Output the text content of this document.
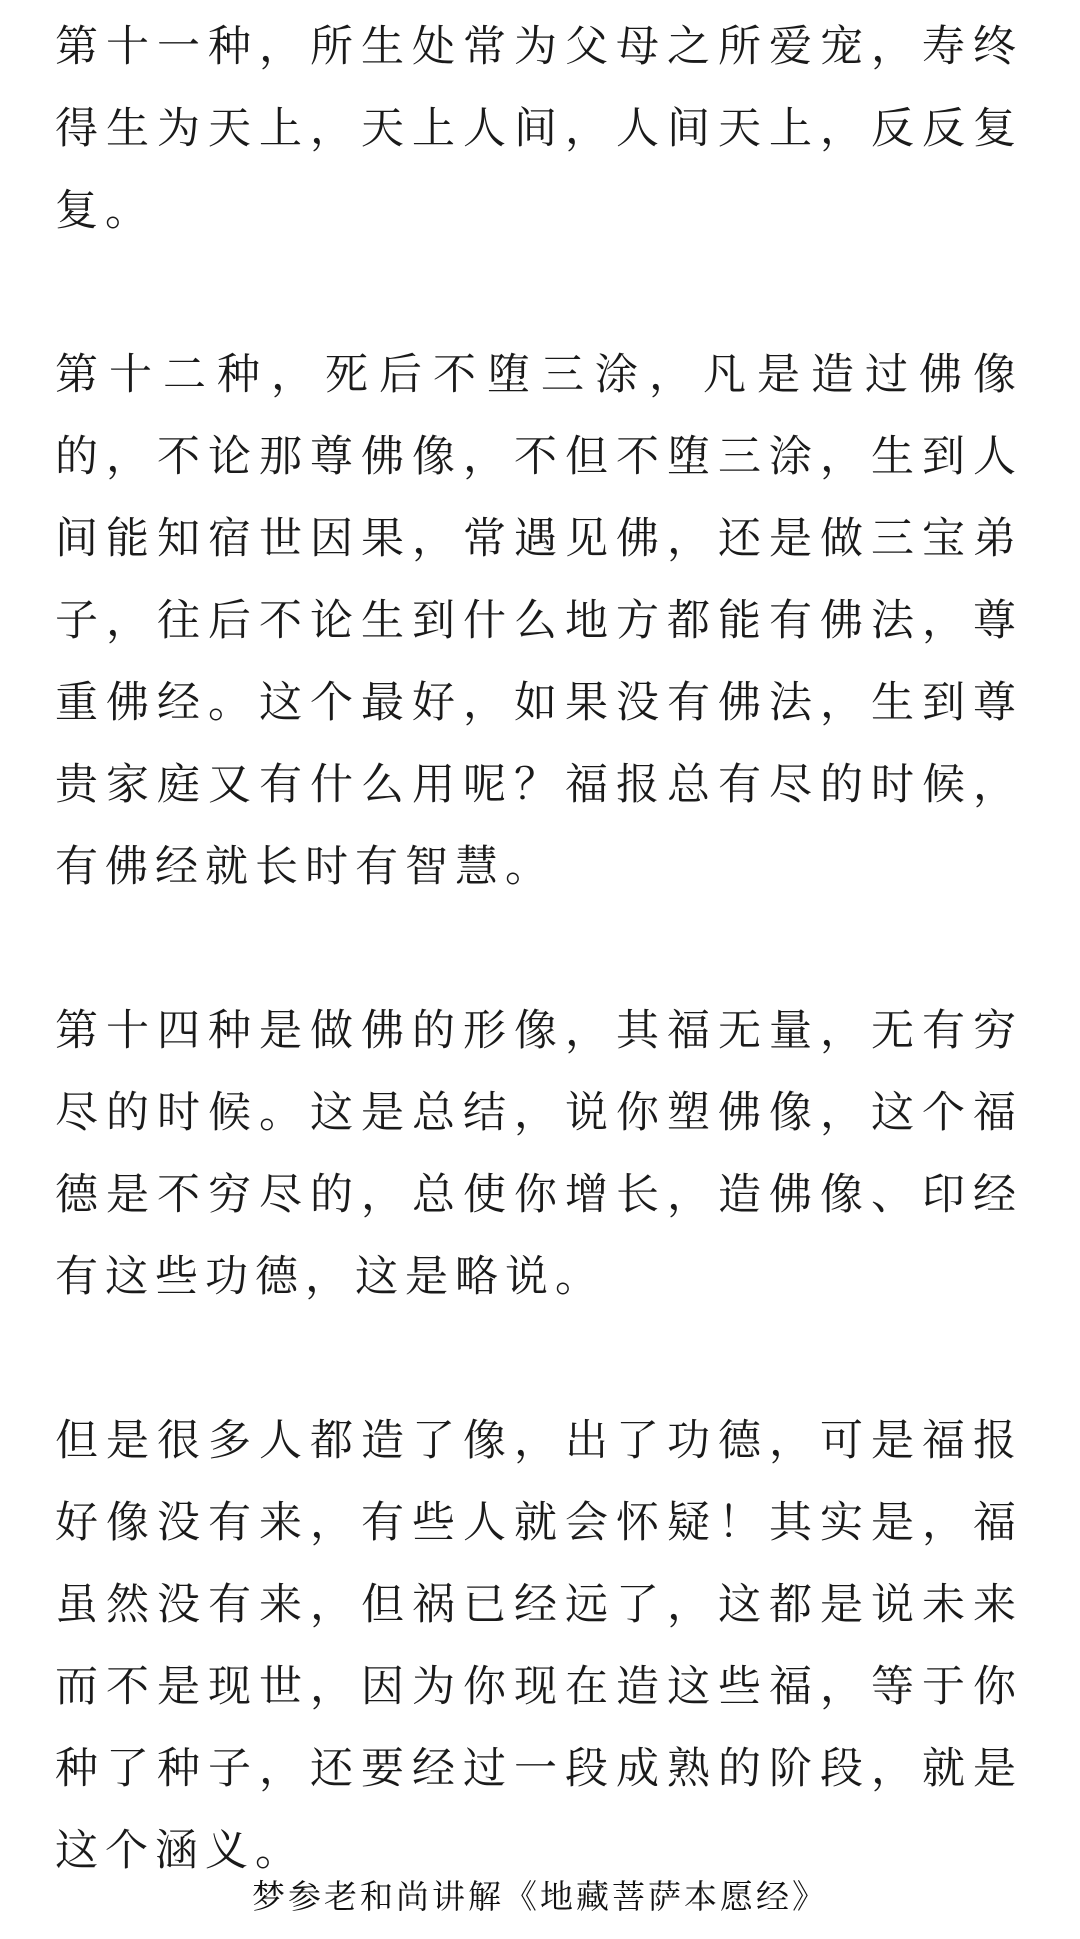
第十一种，所生处常为父母之所爱宠，寿终得生为天上，天上人间，人间天上，反反复复。

第十二种，死后不堕三涂，凡是造过佛像的，不论那尊佛像，不但不堕三涂，生到人间能知宿世因果，常遇见佛，还是做三宝弟子，往后不论生到什么地方都能有佛法，尊重佛经。这个最好，如果没有佛法，生到尊贵家庭又有什么用呢？福报总有尽的时候，有佛经就长时有智慧。

第十四种是做佛的形像，其福无量，无有穷尽的时候。这是总结，说你塑佛像，这个福德是不穷尽的，总使你增长，造佛像、印经有这些功德，这是略说。

但是很多人都造了像，出了功德，可是福报好像没有来，有些人就会怀疑！其实是，福虽然没有来，但祸已经远了，这都是说未来而不是现世，因为你现在造这些福，等于你种了种子，还要经过一段成熟的阶段，就是这个涵义。

梦参老和尚讲解《地藏菩萨本愿经》
